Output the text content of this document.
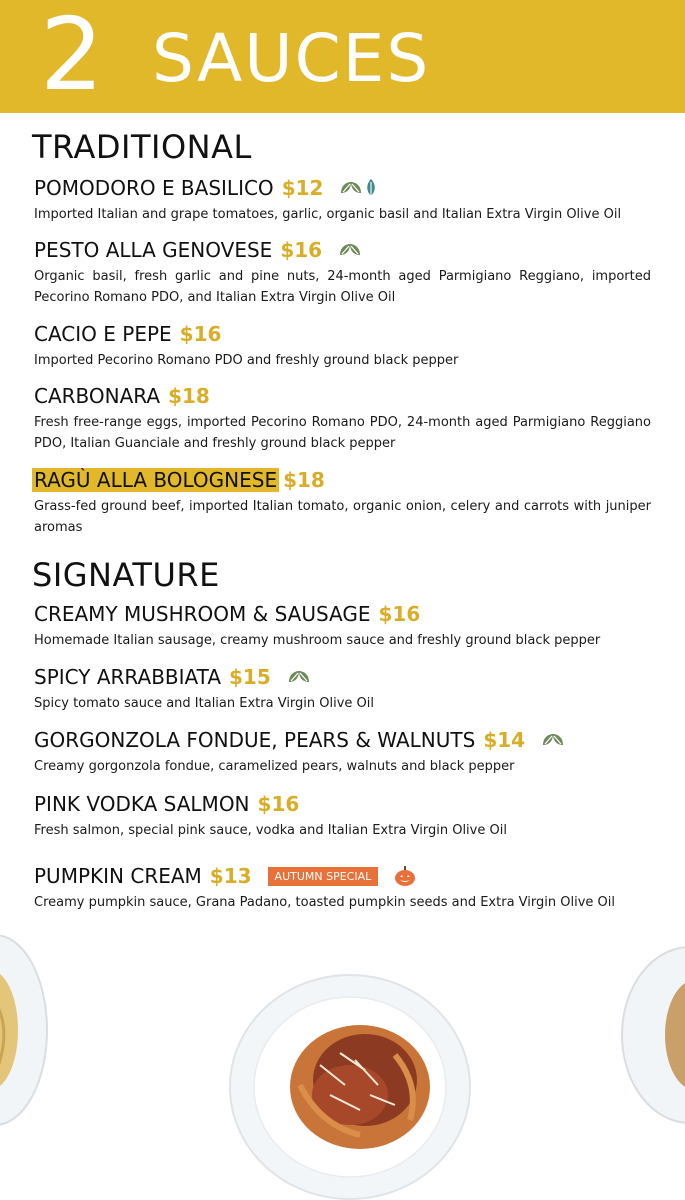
2 SAUCES
TRADITIONAL
POMODORO E BASILICO $12
Imported Italian and grape tomatoes, garlic, organic basil and Italian Extra Virgin Olive Oil
PESTO ALLA GENOVESE $16
Organic basil, fresh garlic and pine nuts, 24-month aged Parmigiano Reggiano, imported Pecorino Romano PDO, and Italian Extra Virgin Olive Oil
CACIO E PEPE $16
Imported Pecorino Romano PDO and freshly ground black pepper
CARBONARA $18
Fresh free-range eggs, imported Pecorino Romano PDO, 24-month aged Parmigiano Reggiano PDO, Italian Guanciale and freshly ground black pepper
RAGÙ ALLA BOLOGNESE $18
Grass-fed ground beef, imported Italian tomato, organic onion, celery and carrots with juniper aromas
SIGNATURE
CREAMY MUSHROOM & SAUSAGE $16
Homemade Italian sausage, creamy mushroom sauce and freshly ground black pepper
SPICY ARRABBIATA $15
Spicy tomato sauce and Italian Extra Virgin Olive Oil
GORGONZOLA FONDUE, PEARS & WALNUTS $14
Creamy gorgonzola fondue, caramelized pears, walnuts and black pepper
PINK VODKA SALMON $16
Fresh salmon, special pink sauce, vodka and Italian Extra Virgin Olive Oil
PUMPKIN CREAM $13	AUTUMN SPECIAL
Creamy pumpkin sauce, Grana Padano, toasted pumpkin seeds and Extra Virgin Olive Oil
